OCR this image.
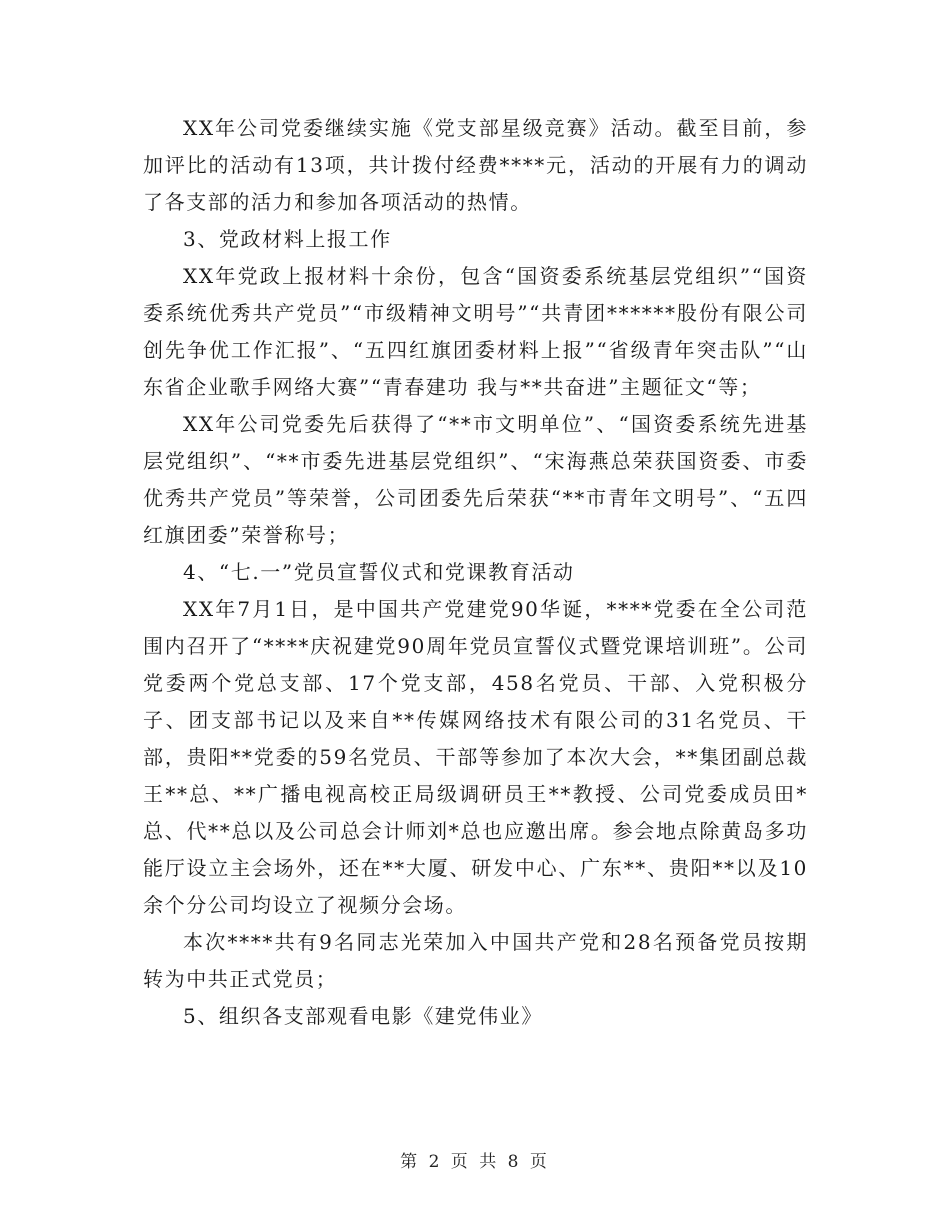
XX年公司党委继续实施《党支部星级竞赛》活动。截至目前，参加评比的活动有13项，共计拨付经费****元，活动的开展有力的调动了各支部的活力和参加各项活动的热情。

3、党政材料上报工作

XX年党政上报材料十余份，包含“国资委系统基层党组织”“国资委系统优秀共产党员”“市级精神文明号”“共青团******股份有限公司创先争优工作汇报”、“五四红旗团委材料上报”“省级青年突击队”“山东省企业歌手网络大赛”“青春建功 我与**共奋进”主题征文“等；

XX年公司党委先后获得了“**市文明单位”、“国资委系统先进基层党组织”、“**市委先进基层党组织”、“宋海燕总荣获国资委、市委优秀共产党员”等荣誉，公司团委先后荣获“**市青年文明号”、“五四红旗团委”荣誉称号；

4、“七.一”党员宣誓仪式和党课教育活动

XX年7月1日，是中国共产党建党90华诞，****党委在全公司范围内召开了“****庆祝建党90周年党员宣誓仪式暨党课培训班”。公司党委两个党总支部、17个党支部，458名党员、干部、入党积极分子、团支部书记以及来自**传媒网络技术有限公司的31名党员、干部，贵阳**党委的59名党员、干部等参加了本次大会，**集团副总裁王**总、**广播电视高校正局级调研员王**教授、公司党委成员田*总、代**总以及公司总会计师刘*总也应邀出席。参会地点除黄岛多功能厅设立主会场外，还在**大厦、研发中心、广东**、贵阳**以及10余个分公司均设立了视频分会场。

本次****共有9名同志光荣加入中国共产党和28名预备党员按期转为中共正式党员；

5、组织各支部观看电影《建党伟业》

第 2 页 共 8 页
